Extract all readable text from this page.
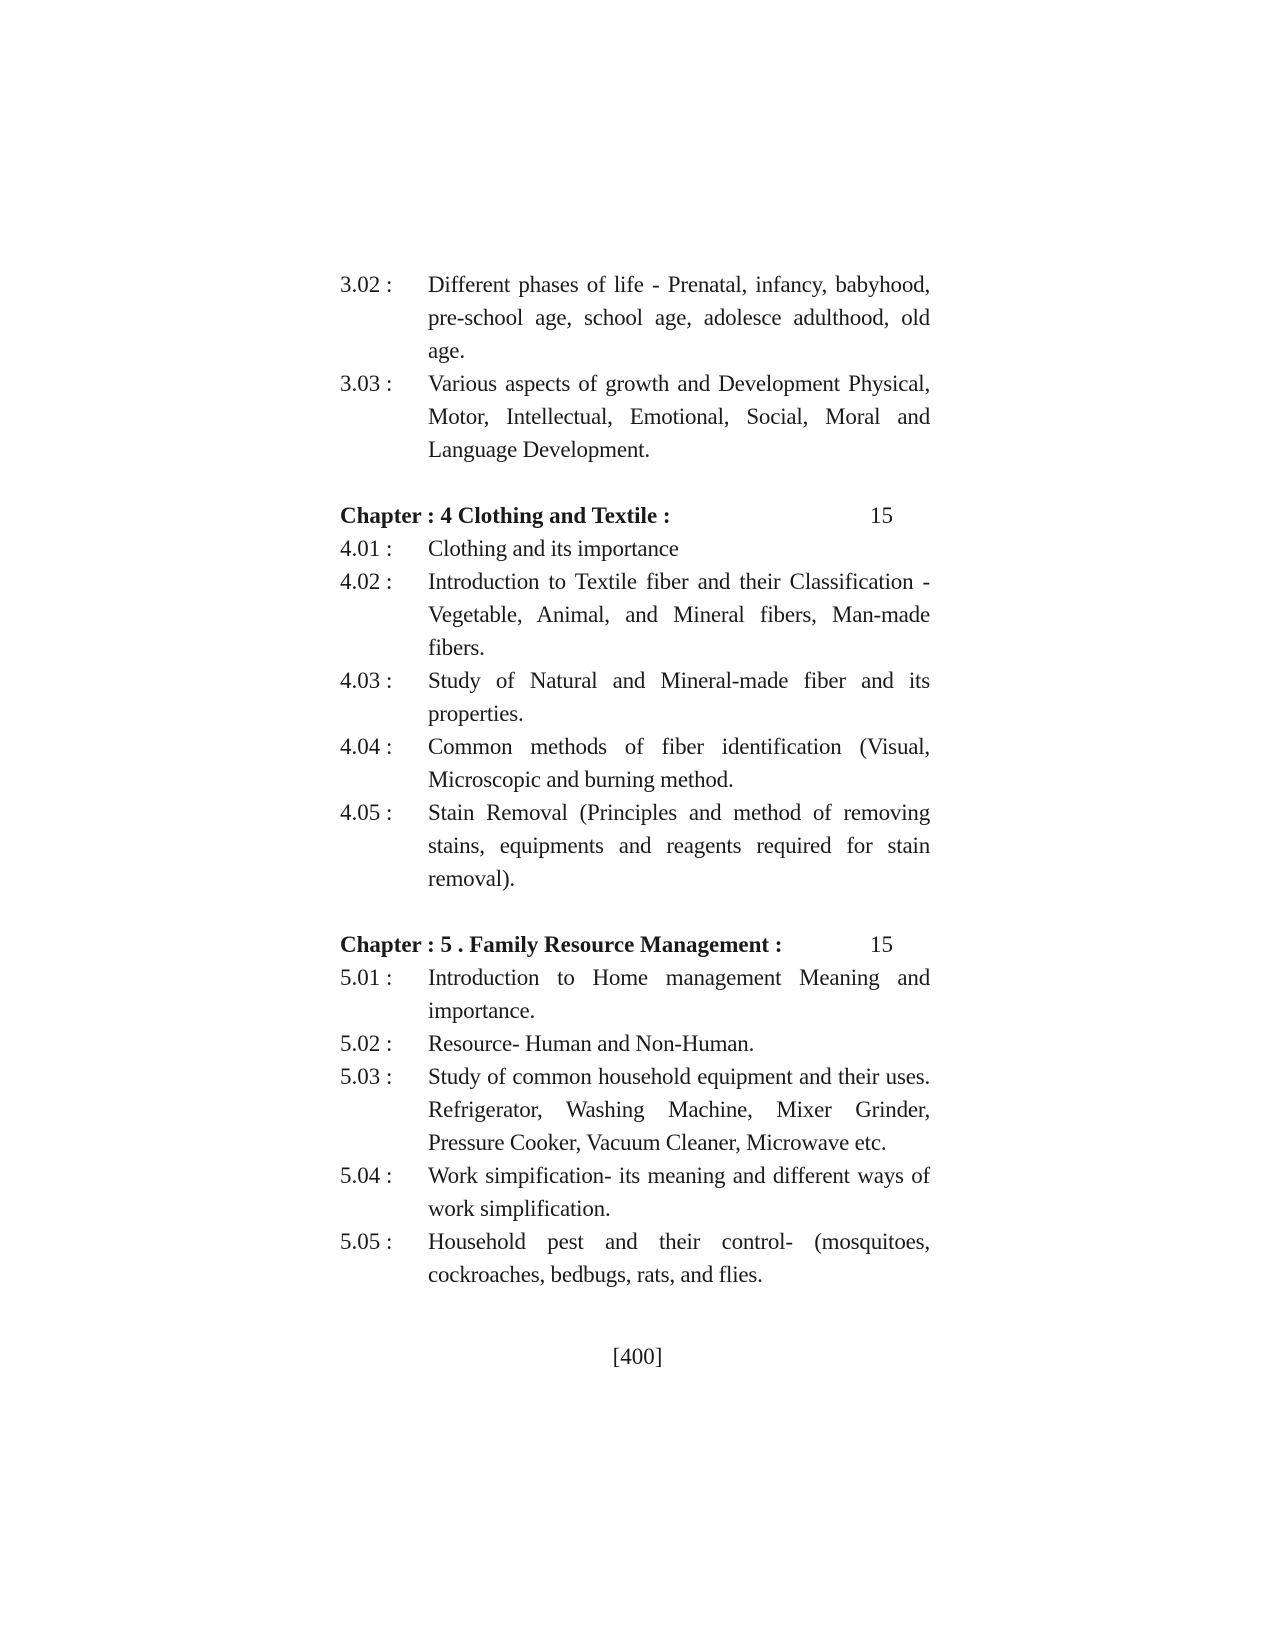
3.02 :	Different phases of life - Prenatal, infancy, babyhood, pre-school age, school age, adolesce adulthood, old age.
3.03 :	Various aspects of growth and Development Physical, Motor, Intellectual, Emotional, Social, Moral and Language Development.
Chapter : 4 Clothing and Textile :	15
4.01 :	Clothing and its importance
4.02 :	Introduction to Textile fiber and their Classification - Vegetable, Animal, and Mineral fibers, Man-made fibers.
4.03 :	Study of Natural and Mineral-made fiber and its properties.
4.04 :	Common methods of fiber identification (Visual, Microscopic and burning method.
4.05 :	Stain Removal (Principles and method of removing stains, equipments and reagents required for stain removal).
Chapter : 5 . Family Resource Management :	15
5.01 :	Introduction to Home management Meaning and importance.
5.02 :	Resource- Human and Non-Human.
5.03 :	Study of common household equipment and their uses. Refrigerator, Washing Machine, Mixer Grinder, Pressure Cooker, Vacuum Cleaner, Microwave etc.
5.04 :	Work simpification- its meaning and different ways of work simplification.
5.05 :	Household pest and their control- (mosquitoes, cockroaches, bedbugs, rats, and flies.
[400]
